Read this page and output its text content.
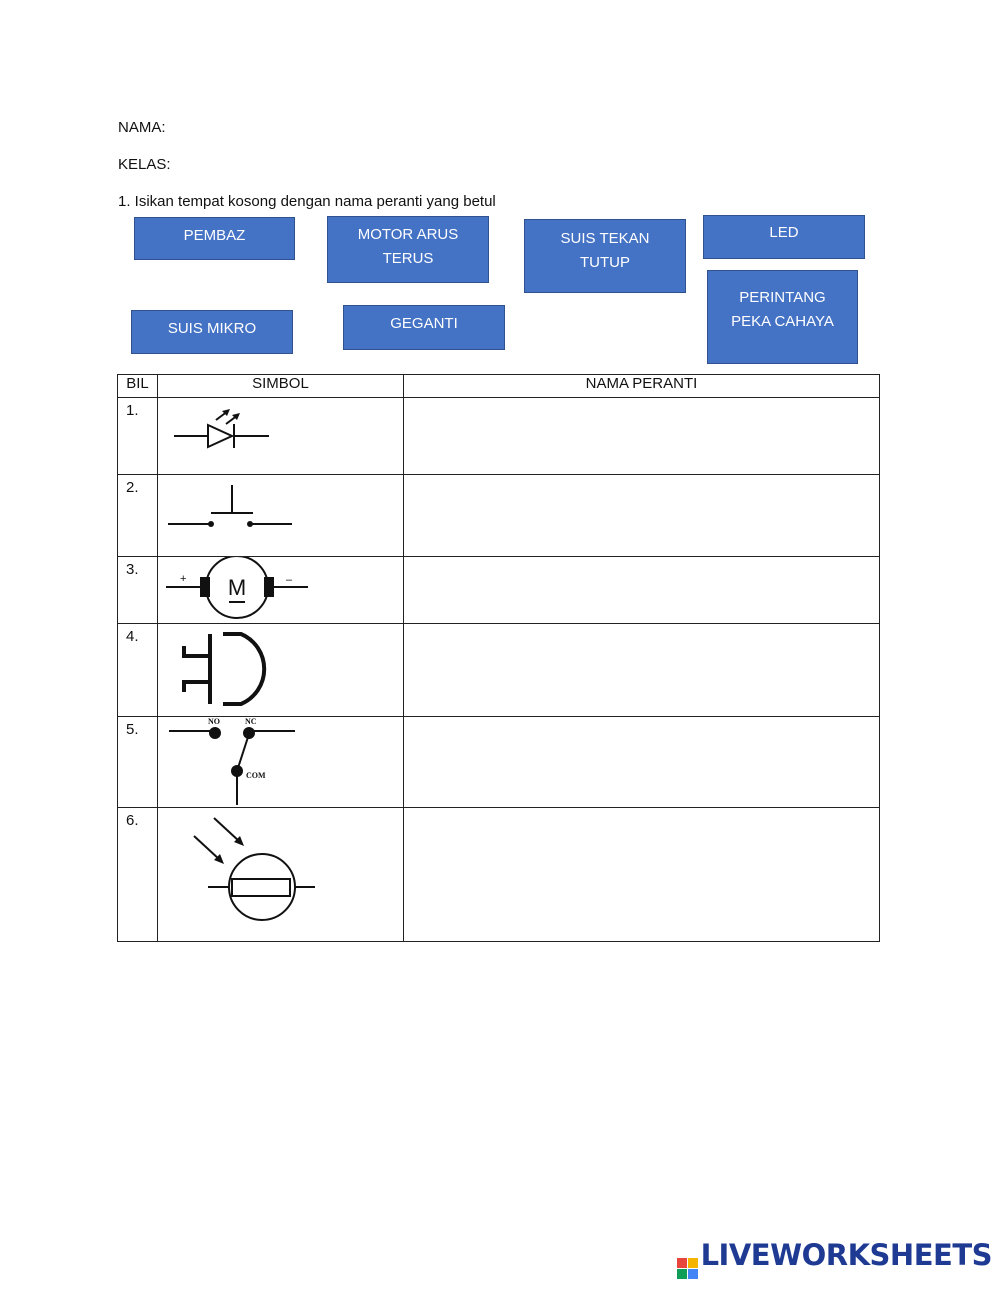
NAMA:
KELAS:
1. Isikan tempat kosong dengan nama peranti yang betul
PEMBAZ	MOTOR ARUS
TERUS
SUIS TEKAN
TUTUP
LED
PERINTANG
PEKA CAHAYA
SUIS MIKRO	GEGANTI
BIL	SIMBOL	NAMA PERANTI
1.	

2.	

3.	M
+ –

4.	

5.	NO NC
COM

6.	

LIVEWORKSHEETS
